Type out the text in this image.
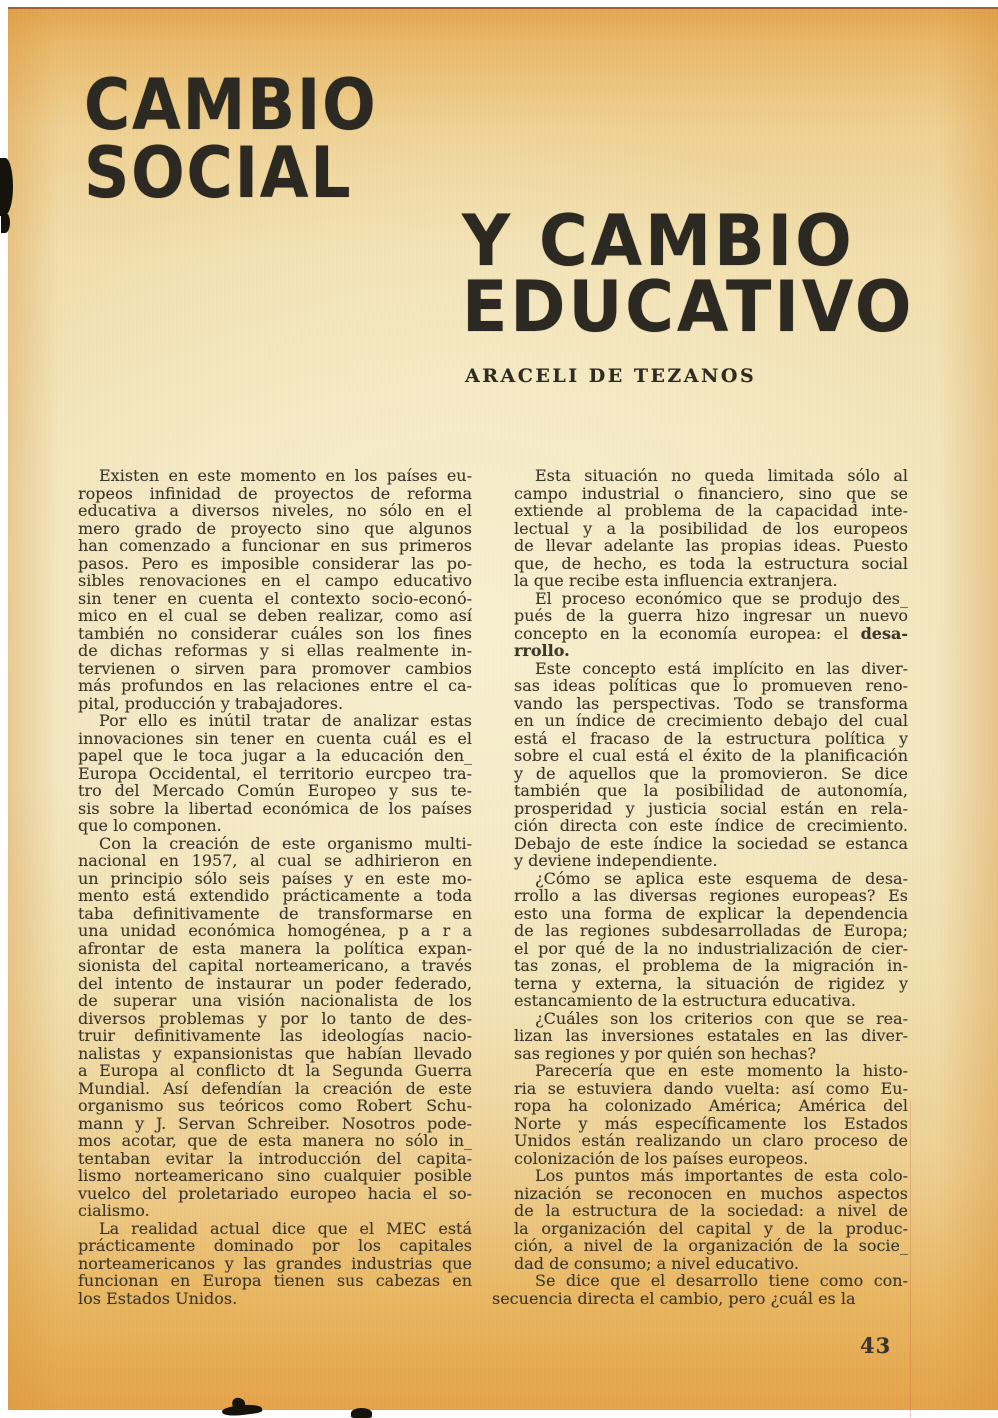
CAMBIO
SOCIAL
Y CAMBIO
EDUCATIVO
ARACELI DE TEZANOS
Existen en este momento en los países eu-
ropeos infinidad de proyectos de reforma
educativa a diversos niveles, no sólo en el
mero grado de proyecto sino que algunos
han comenzado a funcionar en sus primeros
pasos. Pero es imposible considerar las po-
sibles renovaciones en el campo educativo
sin tener en cuenta el contexto socio-econó-
mico en el cual se deben realizar, como así
también no considerar cuáles son los fines
de dichas reformas y si ellas realmente in-
tervienen o sirven para promover cambios
más profundos en las relaciones entre el ca-
pital, producción y trabajadores.
Por ello es inútil tratar de analizar estas
innovaciones sin tener en cuenta cuál es el
papel que le toca jugar a la educación den_
Europa Occidental, el territorio eurcpeo tra-
tro del Mercado Común Europeo y sus te-
sis sobre la libertad económica de los países
que lo componen.
Con la creación de este organismo multi-
nacional en 1957, al cual se adhirieron en
un principio sólo seis países y en este mo-
mento está extendido prácticamente a toda
taba definitivamente de transformarse en
una unidad económica homogénea, p a r a
afrontar de esta manera la política expan-
sionista del capital norteamericano, a través
del intento de instaurar un poder federado,
de superar una visión nacionalista de los
diversos problemas y por lo tanto de des-
truir definitivamente las ideologías nacio-
nalistas y expansionistas que habían llevado
a Europa al conflicto dt la Segunda Guerra
Mundial. Así defendían la creación de este
organismo sus teóricos como Robert Schu-
mann y J. Servan Schreiber. Nosotros pode-
mos acotar, que de esta manera no sólo in_
tentaban evitar la introducción del capita-
lismo norteamericano sino cualquier posible
vuelco del proletariado europeo hacia el so-
cialismo.
La realidad actual dice que el MEC está
prácticamente dominado por los capitales
norteamericanos y las grandes industrias que
funcionan en Europa tienen sus cabezas en
los Estados Unidos.
Esta situación no queda limitada sólo al
campo industrial o financiero, sino que se
extiende al problema de la capacidad inte-
lectual y a la posibilidad de los europeos
de llevar adelante las propias ideas. Puesto
que, de hecho, es toda la estructura social
la que recibe esta influencia extranjera.
El proceso económico que se produjo des_
pués de la guerra hizo ingresar un nuevo
concepto en la economía europea: el desa-
rrollo.
Este concepto está implícito en las diver-
sas ideas políticas que lo promueven reno-
vando las perspectivas. Todo se transforma
en un índice de crecimiento debajo del cual
está el fracaso de la estructura política y
sobre el cual está el éxito de la planificación
y de aquellos que la promovieron. Se dice
también que la posibilidad de autonomía,
prosperidad y justicia social están en rela-
ción directa con este índice de crecimiento.
Debajo de este índice la sociedad se estanca
y deviene independiente.
¿Cómo se aplica este esquema de desa-
rrollo a las diversas regiones europeas? Es
esto una forma de explicar la dependencia
de las regiones subdesarrolladas de Europa;
el por qué de la no industrialización de cier-
tas zonas, el problema de la migración in-
terna y externa, la situación de rigidez y
estancamiento de la estructura educativa.
¿Cuáles son los criterios con que se rea-
lizan las inversiones estatales en las diver-
sas regiones y por quién son hechas?
Parecería que en este momento la histo-
ria se estuviera dando vuelta: así como Eu-
ropa ha colonizado América; América del
Norte y más específicamente los Estados
Unidos están realizando un claro proceso de
colonización de los países europeos.
Los puntos más importantes de esta colo-
nización se reconocen en muchos aspectos
de la estructura de la sociedad: a nivel de
la organización del capital y de la produc-
ción, a nivel de la organización de la socie_
dad de consumo; a nivel educativo.
Se dice que el desarrollo tiene como con-
secuencia directa el cambio, pero ¿cuál es la
43
